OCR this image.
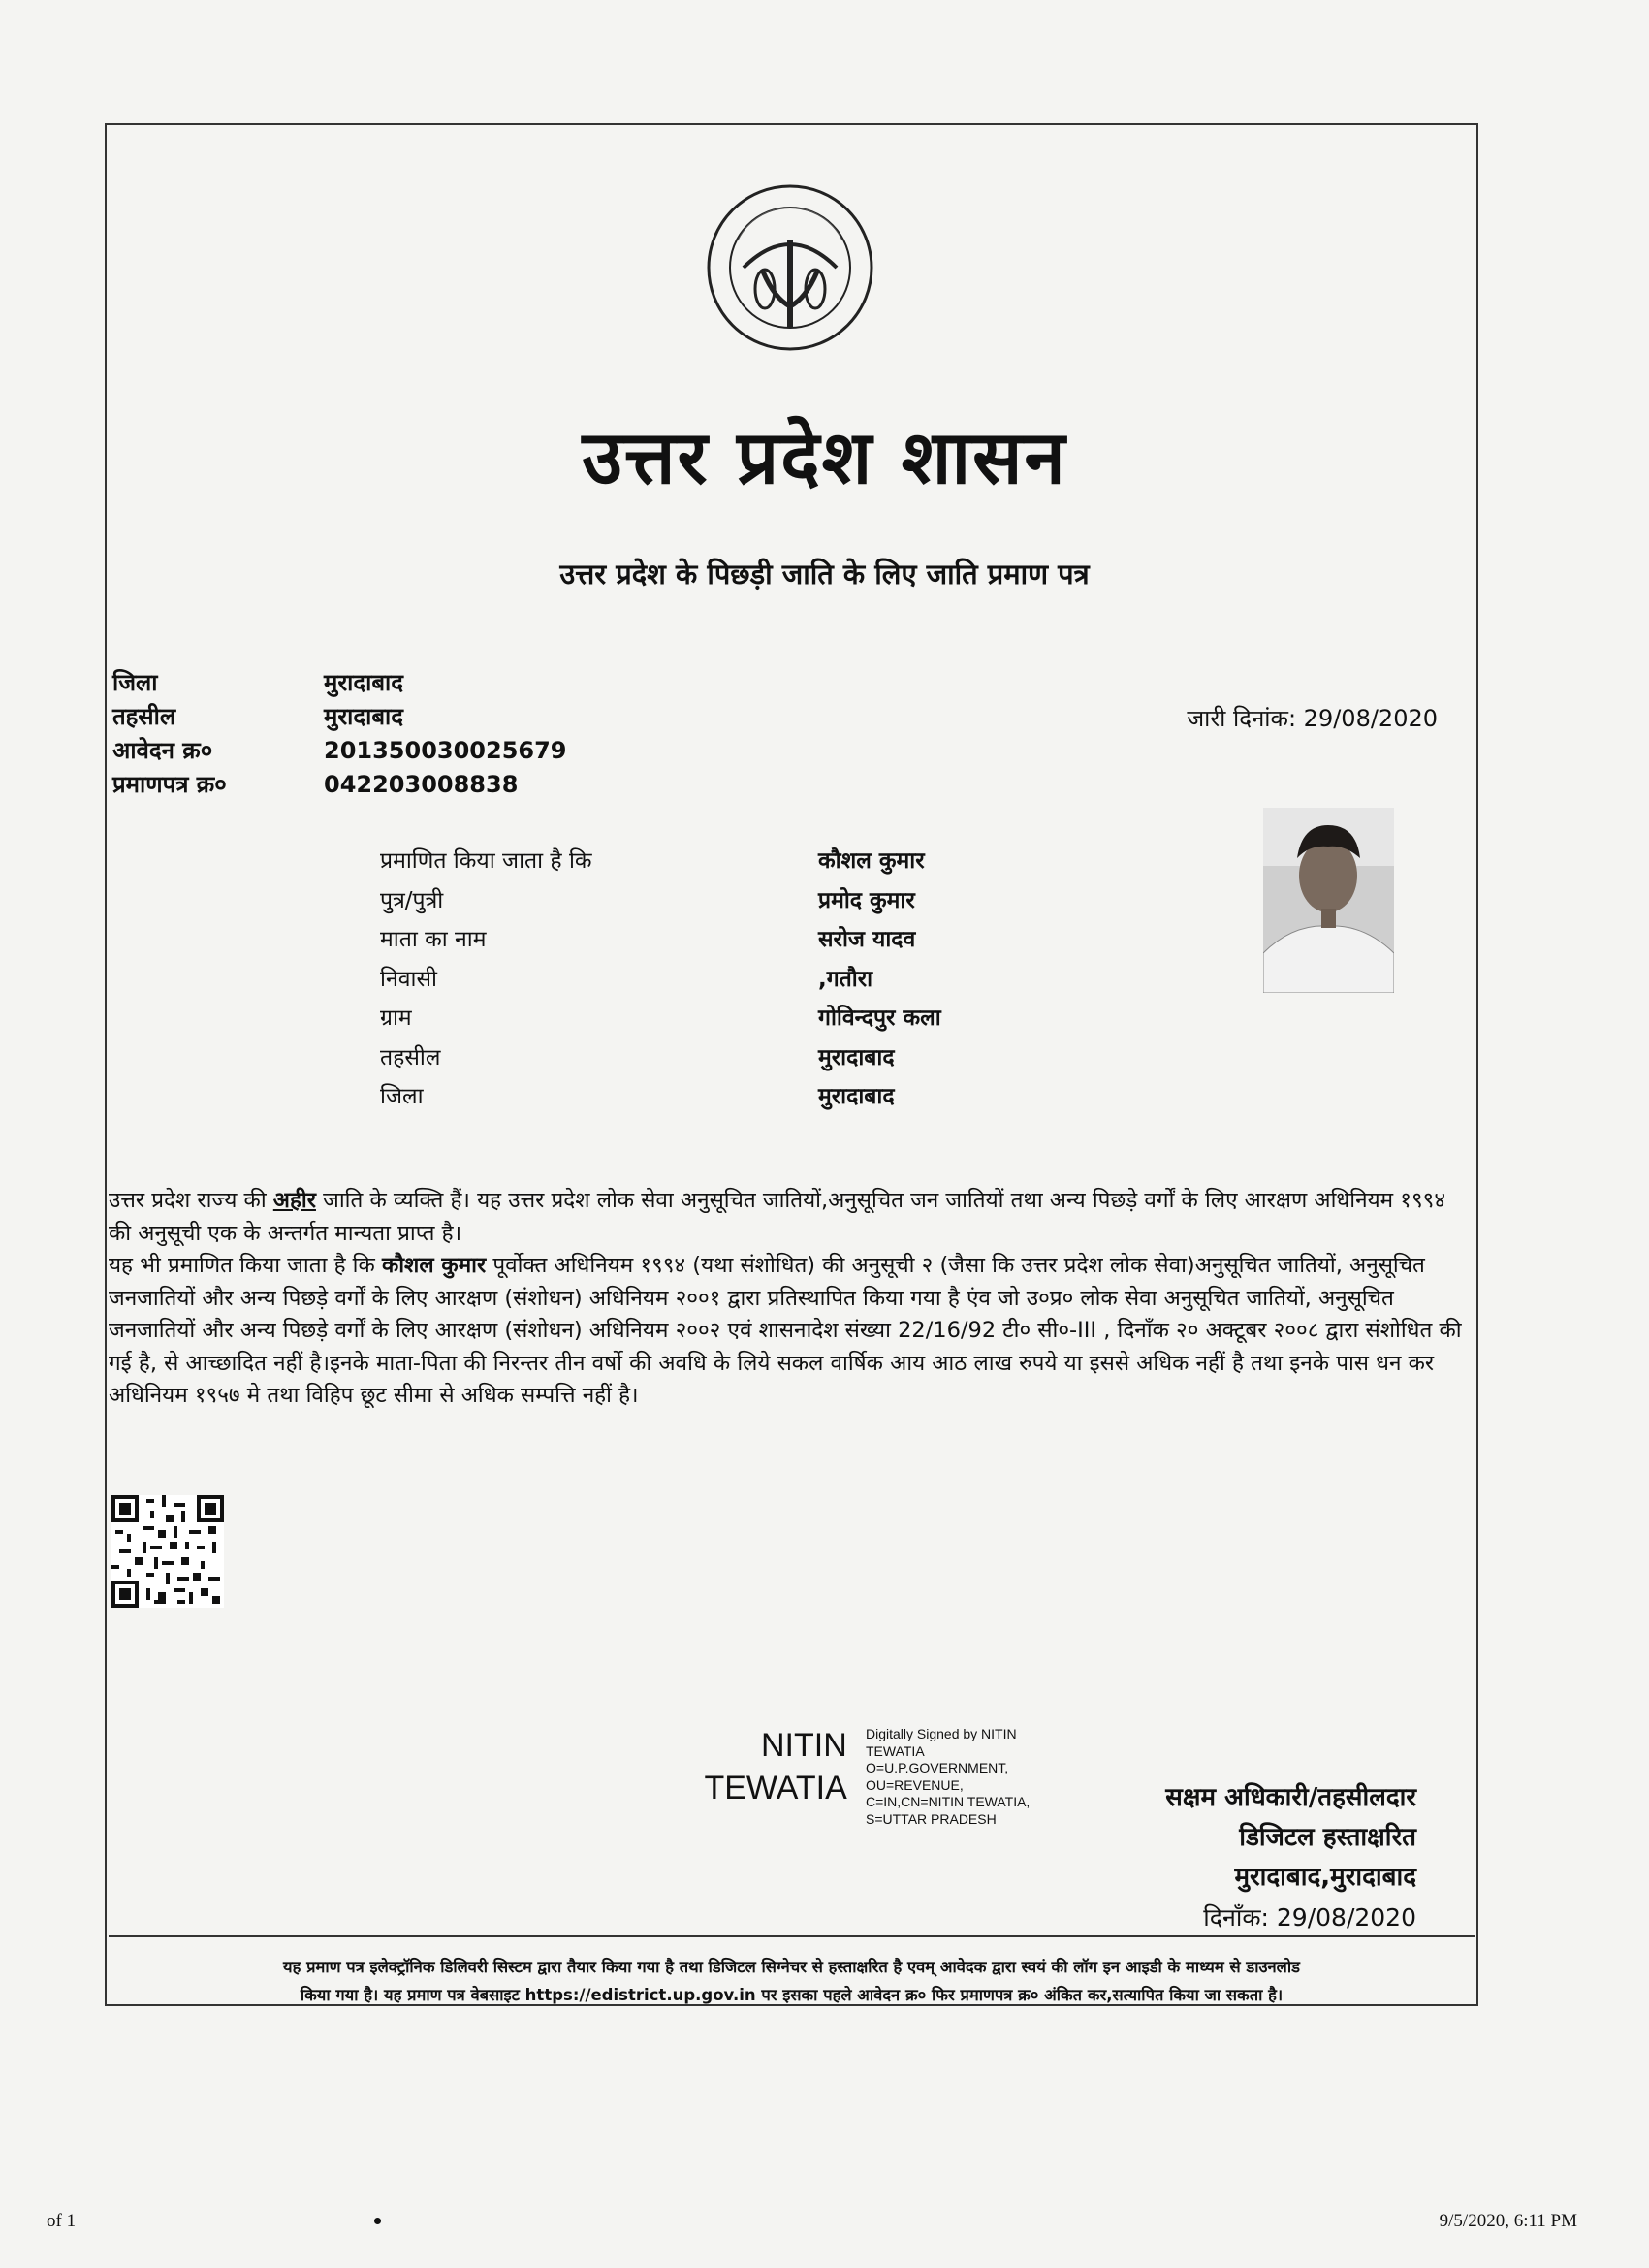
उत्तर प्रदेश शासन
उत्तर प्रदेश के पिछड़ी जाति के लिए जाति प्रमाण पत्र
जिला	मुरादाबाद
तहसील	मुरादाबाद
आवेदन क्र०	201350030025679
प्रमाणपत्र क्र०	042203008838
जारी दिनांक: 29/08/2020
प्रमाणित किया जाता है कि	कौशल कुमार
पुत्र/पुत्री	प्रमोद कुमार
माता का नाम	सरोज यादव
निवासी	,गतौरा
ग्राम	गोविन्दपुर कला
तहसील	मुरादाबाद
जिला	मुरादाबाद

उत्तर प्रदेश राज्य की अहीर जाति के व्यक्ति हैं। यह उत्तर प्रदेश लोक सेवा अनुसूचित जातियों,अनुसूचित जन जातियों तथा अन्य पिछड़े वर्गों के लिए आरक्षण अधिनियम १९९४ की अनुसूची एक के अन्तर्गत मान्यता प्राप्त है।

यह भी प्रमाणित किया जाता है कि कौशल कुमार पूर्वोक्त अधिनियम १९९४ (यथा संशोधित) की अनुसूची २ (जैसा कि उत्तर प्रदेश लोक सेवा)अनुसूचित जातियों, अनुसूचित जनजातियों और अन्य पिछड़े वर्गों के लिए आरक्षण (संशोधन) अधिनियम २००१ द्वारा प्रतिस्थापित किया गया है एंव जो उ०प्र० लोक सेवा अनुसूचित जातियों, अनुसूचित जनजातियों और अन्य पिछड़े वर्गों के लिए आरक्षण (संशोधन) अधिनियम २००२ एवं शासनादेश संख्या 22/16/92 टी० सी०-III , दिनाँक २० अक्टूबर २००८ द्वारा संशोधित की गई है, से आच्छादित नहीं है।इनके माता-पिता की निरन्तर तीन वर्षो की अवधि के लिये सकल वार्षिक आय आठ लाख रुपये या इससे अधिक नहीं है तथा इनके पास धन कर अधिनियम १९५७ मे तथा विहिप छूट सीमा से अधिक सम्पत्ति नहीं है।

NITIN
TEWATIA
Digitally Signed by NITIN
TEWATIA
O=U.P.GOVERNMENT,
OU=REVENUE,
C=IN,CN=NITIN TEWATIA,
S=UTTAR PRADESH
सक्षम अधिकारी/तहसीलदार
डिजिटल हस्ताक्षरित
मुरादाबाद,मुरादाबाद
दिनाँक: 29/08/2020
यह प्रमाण पत्र इलेक्ट्रॉनिक डिलिवरी सिस्टम द्वारा तैयार किया गया है तथा डिजिटल सिग्नेचर से हस्ताक्षरित है एवम् आवेदक द्वारा स्वयं की लॉग इन आइडी के माध्यम से डाउनलोड
किया गया है। यह प्रमाण पत्र वेबसाइट https://edistrict.up.gov.in पर इसका पहले आवेदन क्र० फिर प्रमाणपत्र क्र० अंकित कर,सत्यापित किया जा सकता है।
of 1	9/5/2020, 6:11 PM
